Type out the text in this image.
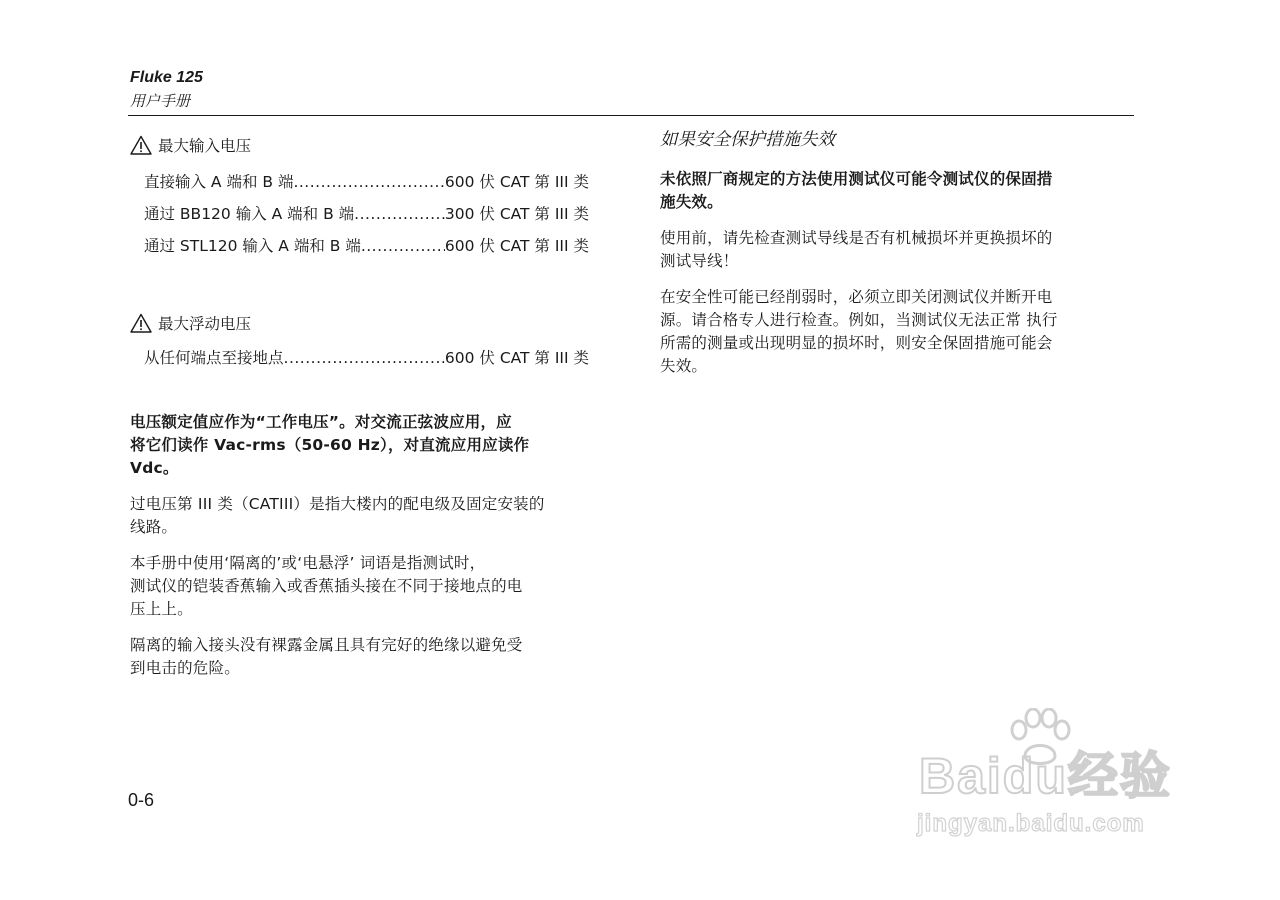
Fluke 125
用户手册
最大输入电压
直接输入 A 端和 B 端 .....	600 伏 CAT 第 III 类
通过 BB120 输入 A 端和 B 端 .....	300 伏 CAT 第 III 类
通过 STL120 输入 A 端和 B 端 .....	600 伏 CAT 第 III 类
最大浮动电压
从任何端点至接地点 .....	600 伏 CAT 第 III 类

电压额定值应作为“工作电压”。对交流正弦波应用，应
将它们读作 Vac-rms（50-60 Hz），对直流应用应读作
Vdc。

过电压第 III 类（CATIII）是指大楼内的配电级及固定安装的
线路。

本手册中使用‘隔离的’或‘电悬浮’ 词语是指测试时，
测试仪的铠装香蕉输入或香蕉插头接在不同于接地点的电
压上上。

隔离的输入接头没有裸露金属且具有完好的绝缘以避免受
到电击的危险。

如果安全保护措施失效

未依照厂商规定的方法使用测试仪可能令测试仪的保固措
施失效。

使用前，请先检查测试导线是否有机械损坏并更换损坏的
测试导线！

在安全性可能已经削弱时，必须立即关闭测试仪并断开电
源。请合格专人进行检查。例如，当测试仪无法正常 执行
所需的测量或出现明显的损坏时，则安全保固措施可能会
失效。

0-6	Baidu经验
jingyan.baidu.com
